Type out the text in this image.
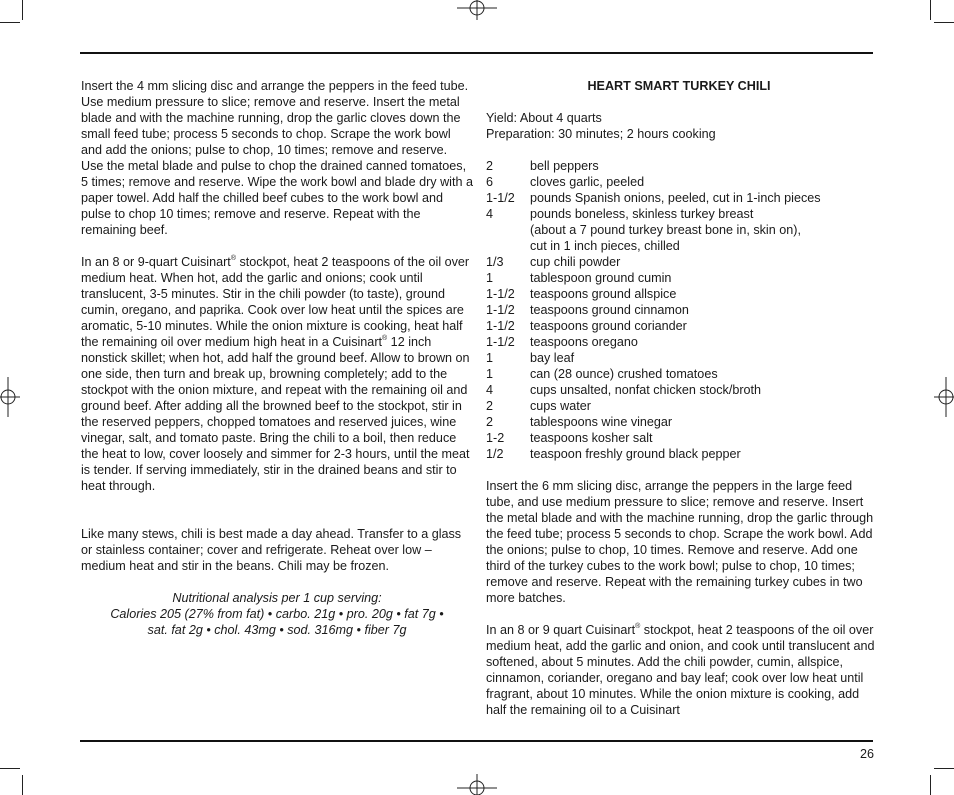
Insert the 4 mm slicing disc and arrange the peppers in the feed tube. Use medium pressure to slice; remove and reserve. Insert the metal blade and with the machine running, drop the garlic cloves down the small feed tube; process 5 seconds to chop. Scrape the work bowl and add the onions; pulse to chop, 10 times; remove and reserve. Use the metal blade and pulse to chop the drained canned tomatoes, 5 times; remove and reserve. Wipe the work bowl and blade dry with a paper towel. Add half the chilled beef cubes to the work bowl and pulse to chop 10 times; remove and reserve. Repeat with the remaining beef.

In an 8 or 9-quart Cuisinart® stockpot, heat 2 teaspoons of the oil over medium heat. When hot, add the garlic and onions; cook until translucent, 3-5 minutes. Stir in the chili powder (to taste), ground cumin, oregano, and paprika. Cook over low heat until the spices are aromatic, 5-10 minutes. While the onion mixture is cooking, heat half the remaining oil over medium high heat in a Cuisinart® 12 inch nonstick skillet; when hot, add half the ground beef. Allow to brown on one side, then turn and break up, browning completely; add to the stockpot with the onion mixture, and repeat with the remaining oil and ground beef. After adding all the browned beef to the stockpot, stir in the reserved peppers, chopped tomatoes and reserved juices, wine vinegar, salt, and tomato paste. Bring the chili to a boil, then reduce the heat to low, cover loosely and simmer for 2-3 hours, until the meat is tender. If serving immediately, stir in the drained beans and stir to heat through.

Like many stews, chili is best made a day ahead. Transfer to a glass or stainless container; cover and refrigerate. Reheat over low – medium heat and stir in the beans. Chili may be frozen.

Nutritional analysis per 1 cup serving:

Calories 205 (27% from fat) • carbo. 21g • pro. 20g • fat 7g •

sat. fat 2g • chol. 43mg • sod. 316mg • fiber 7g

HEART SMART TURKEY CHILI

Yield: About 4 quarts

Preparation: 30 minutes; 2 hours cooking

2	bell peppers
6	cloves garlic, peeled
1-1/2	pounds Spanish onions, peeled, cut in 1-inch pieces
4	pounds boneless, skinless turkey breast
(about a 7 pound turkey breast bone in, skin on),
cut in 1 inch pieces, chilled
1/3	cup chili powder
1	tablespoon ground cumin
1-1/2	teaspoons ground allspice
1-1/2	teaspoons ground cinnamon
1-1/2	teaspoons ground coriander
1-1/2	teaspoons oregano
1	bay leaf
1	can (28 ounce) crushed tomatoes
4	cups unsalted, nonfat chicken stock/broth
2	cups water
2	tablespoons wine vinegar
1-2	teaspoons kosher salt
1/2	teaspoon freshly ground black pepper

Insert the 6 mm slicing disc, arrange the peppers in the large feed tube, and use medium pressure to slice; remove and reserve. Insert the metal blade and with the machine running, drop the garlic through the feed tube; process 5 seconds to chop. Scrape the work bowl. Add the onions; pulse to chop, 10 times. Remove and reserve. Add one third of the turkey cubes to the work bowl; pulse to chop, 10 times; remove and reserve. Repeat with the remaining turkey cubes in two more batches.

In an 8 or 9 quart Cuisinart® stockpot, heat 2 teaspoons of the oil over medium heat, add the garlic and onion, and cook until translucent and softened, about 5 minutes. Add the chili powder, cumin, allspice, cinnamon, coriander, oregano and bay leaf; cook over low heat until fragrant, about 10 minutes. While the onion mixture is cooking, add half the remaining oil to a Cuisinart

26
